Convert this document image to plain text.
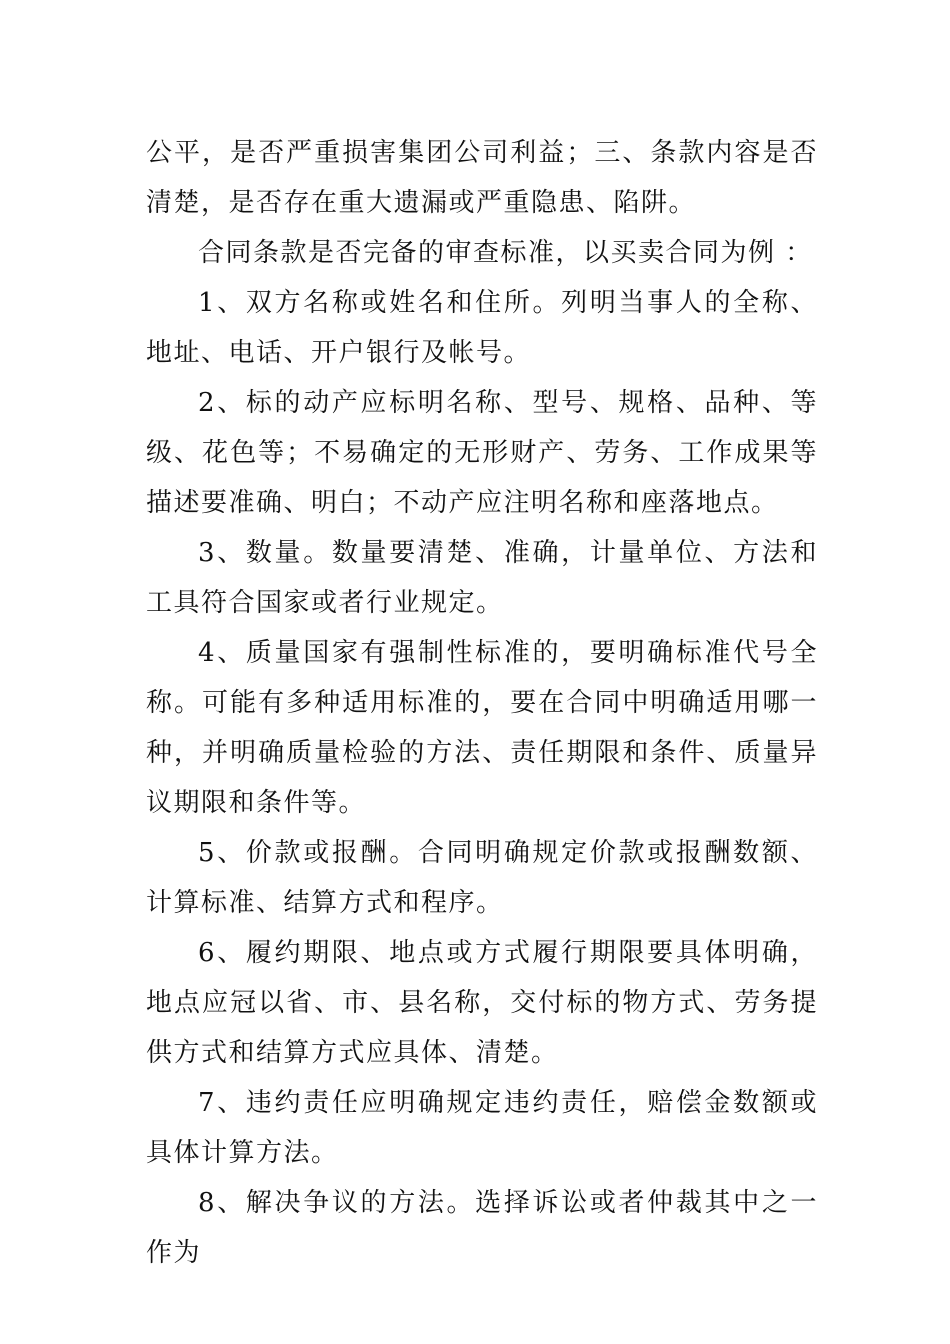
公平，是否严重损害集团公司利益；三、条款内容是否清楚，是否存在重大遗漏或严重隐患、陷阱。

合同条款是否完备的审查标准，以买卖合同为例 ：

1、双方名称或姓名和住所。列明当事人的全称、地址、电话、开户银行及帐号。

2、标的动产应标明名称、型号、规格、品种、等级、花色等；不易确定的无形财产、劳务、工作成果等描述要准确、明白；不动产应注明名称和座落地点。

3、数量。数量要清楚、准确，计量单位、方法和工具符合国家或者行业规定。

4、质量国家有强制性标准的，要明确标准代号全称。可能有多种适用标准的，要在合同中明确适用哪一种，并明确质量检验的方法、责任期限和条件、质量异议期限和条件等。

5、价款或报酬。合同明确规定价款或报酬数额、计算标准、结算方式和程序。

6、履约期限、地点或方式履行期限要具体明确，地点应冠以省、市、县名称，交付标的物方式、劳务提供方式和结算方式应具体、清楚。

7、违约责任应明确规定违约责任，赔偿金数额或具体计算方法。

8、解决争议的方法。选择诉讼或者仲裁其中之一作为
